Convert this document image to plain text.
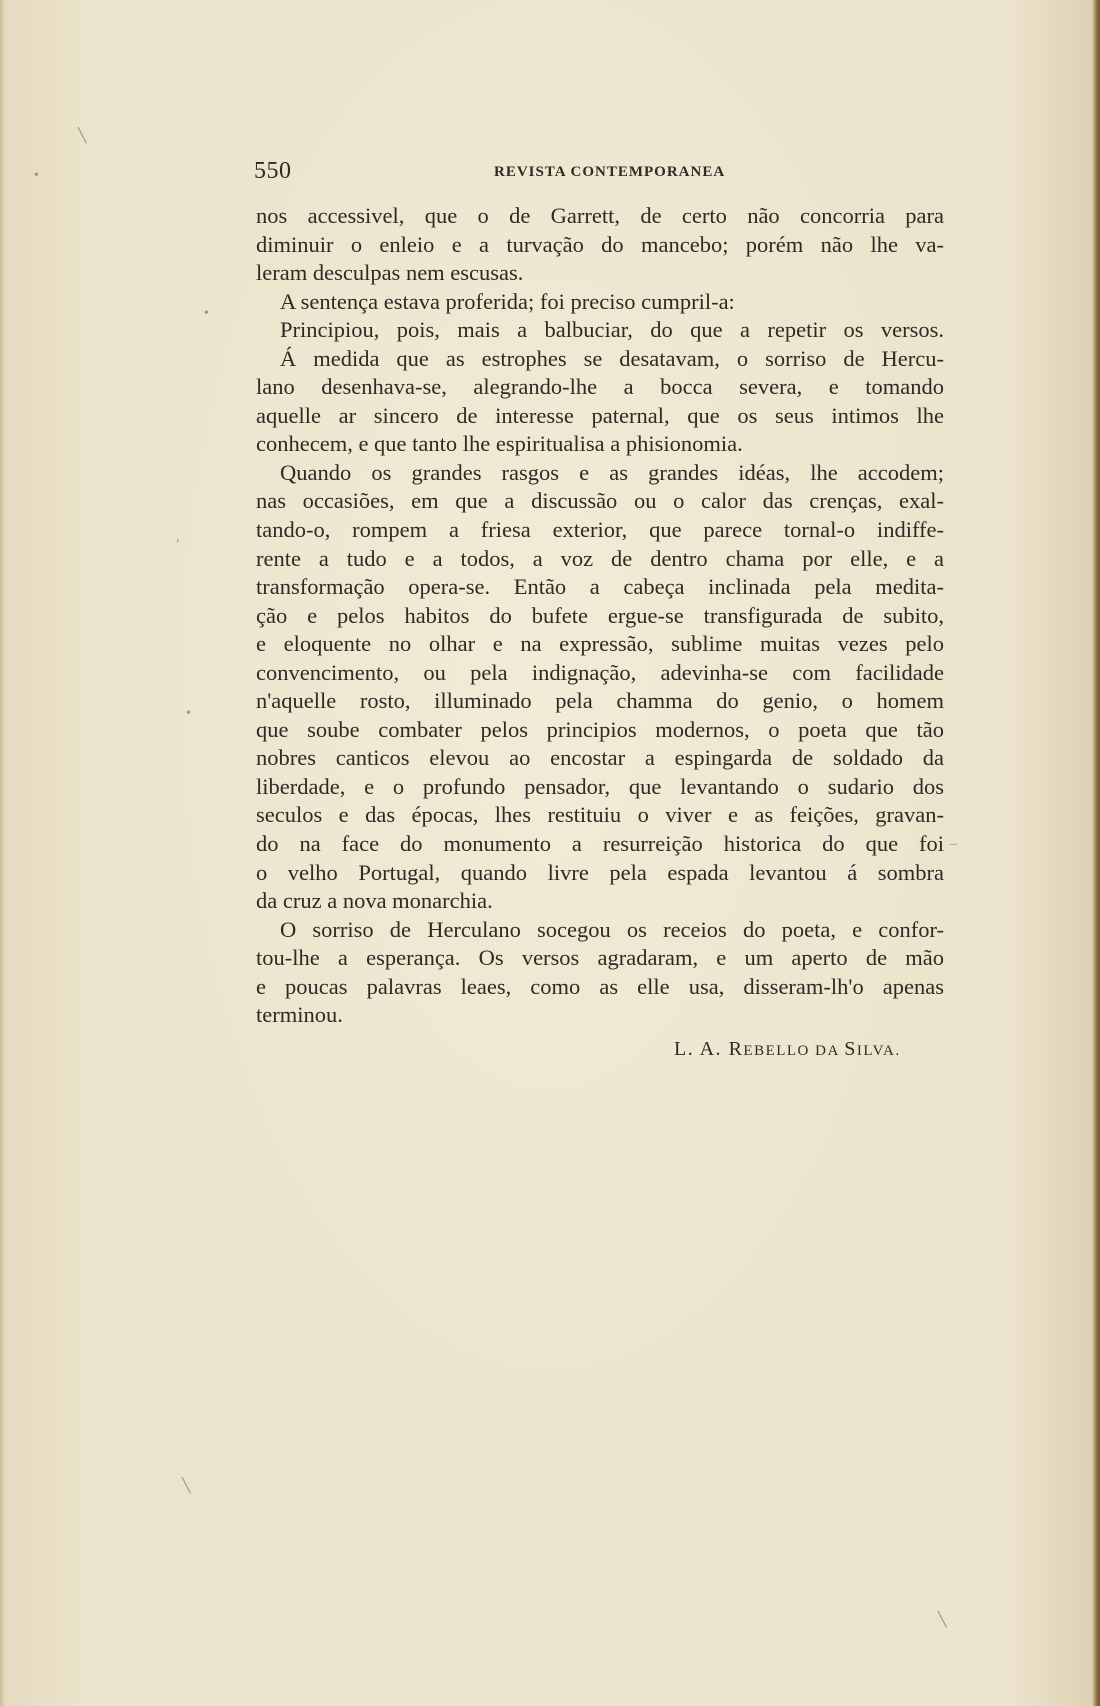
550	REVISTA CONTEMPORANEA
nos accessivel, que o de Garrett, de certo não concorria para
diminuir o enleio e a turvação do mancebo; porém não lhe va-
leram desculpas nem escusas.
A sentença estava proferida; foi preciso cumpril-a:
Principiou, pois, mais a balbuciar, do que a repetir os versos.
Á medida que as estrophes se desatavam, o sorriso de Hercu-
lano desenhava-se, alegrando-lhe a bocca severa, e tomando
aquelle ar sincero de interesse paternal, que os seus intimos lhe
conhecem, e que tanto lhe espiritualisa a phisionomia.
Quando os grandes rasgos e as grandes idéas, lhe accodem;
nas occasiões, em que a discussão ou o calor das crenças, exal-
tando-o, rompem a friesa exterior, que parece tornal-o indiffe-
rente a tudo e a todos, a voz de dentro chama por elle, e a
transformação opera-se. Então a cabeça inclinada pela medita-
ção e pelos habitos do bufete ergue-se transfigurada de subito,
e eloquente no olhar e na expressão, sublime muitas vezes pelo
convencimento, ou pela indignação, adevinha-se com facilidade
n'aquelle rosto, illuminado pela chamma do genio, o homem
que soube combater pelos principios modernos, o poeta que tão
nobres canticos elevou ao encostar a espingarda de soldado da
liberdade, e o profundo pensador, que levantando o sudario dos
seculos e das épocas, lhes restituiu o viver e as feições, gravan-
do na face do monumento a resurreição historica do que foi
o velho Portugal, quando livre pela espada levantou á sombra
da cruz a nova monarchia.
O sorriso de Herculano socegou os receios do poeta, e confor-
tou-lhe a esperança. Os versos agradaram, e um aperto de mão
e poucas palavras leaes, como as elle usa, disseram-lh'o apenas
terminou.
L. A. REBELLO DA SILVA.
╲
•
•
,
•
_
╲
╲
